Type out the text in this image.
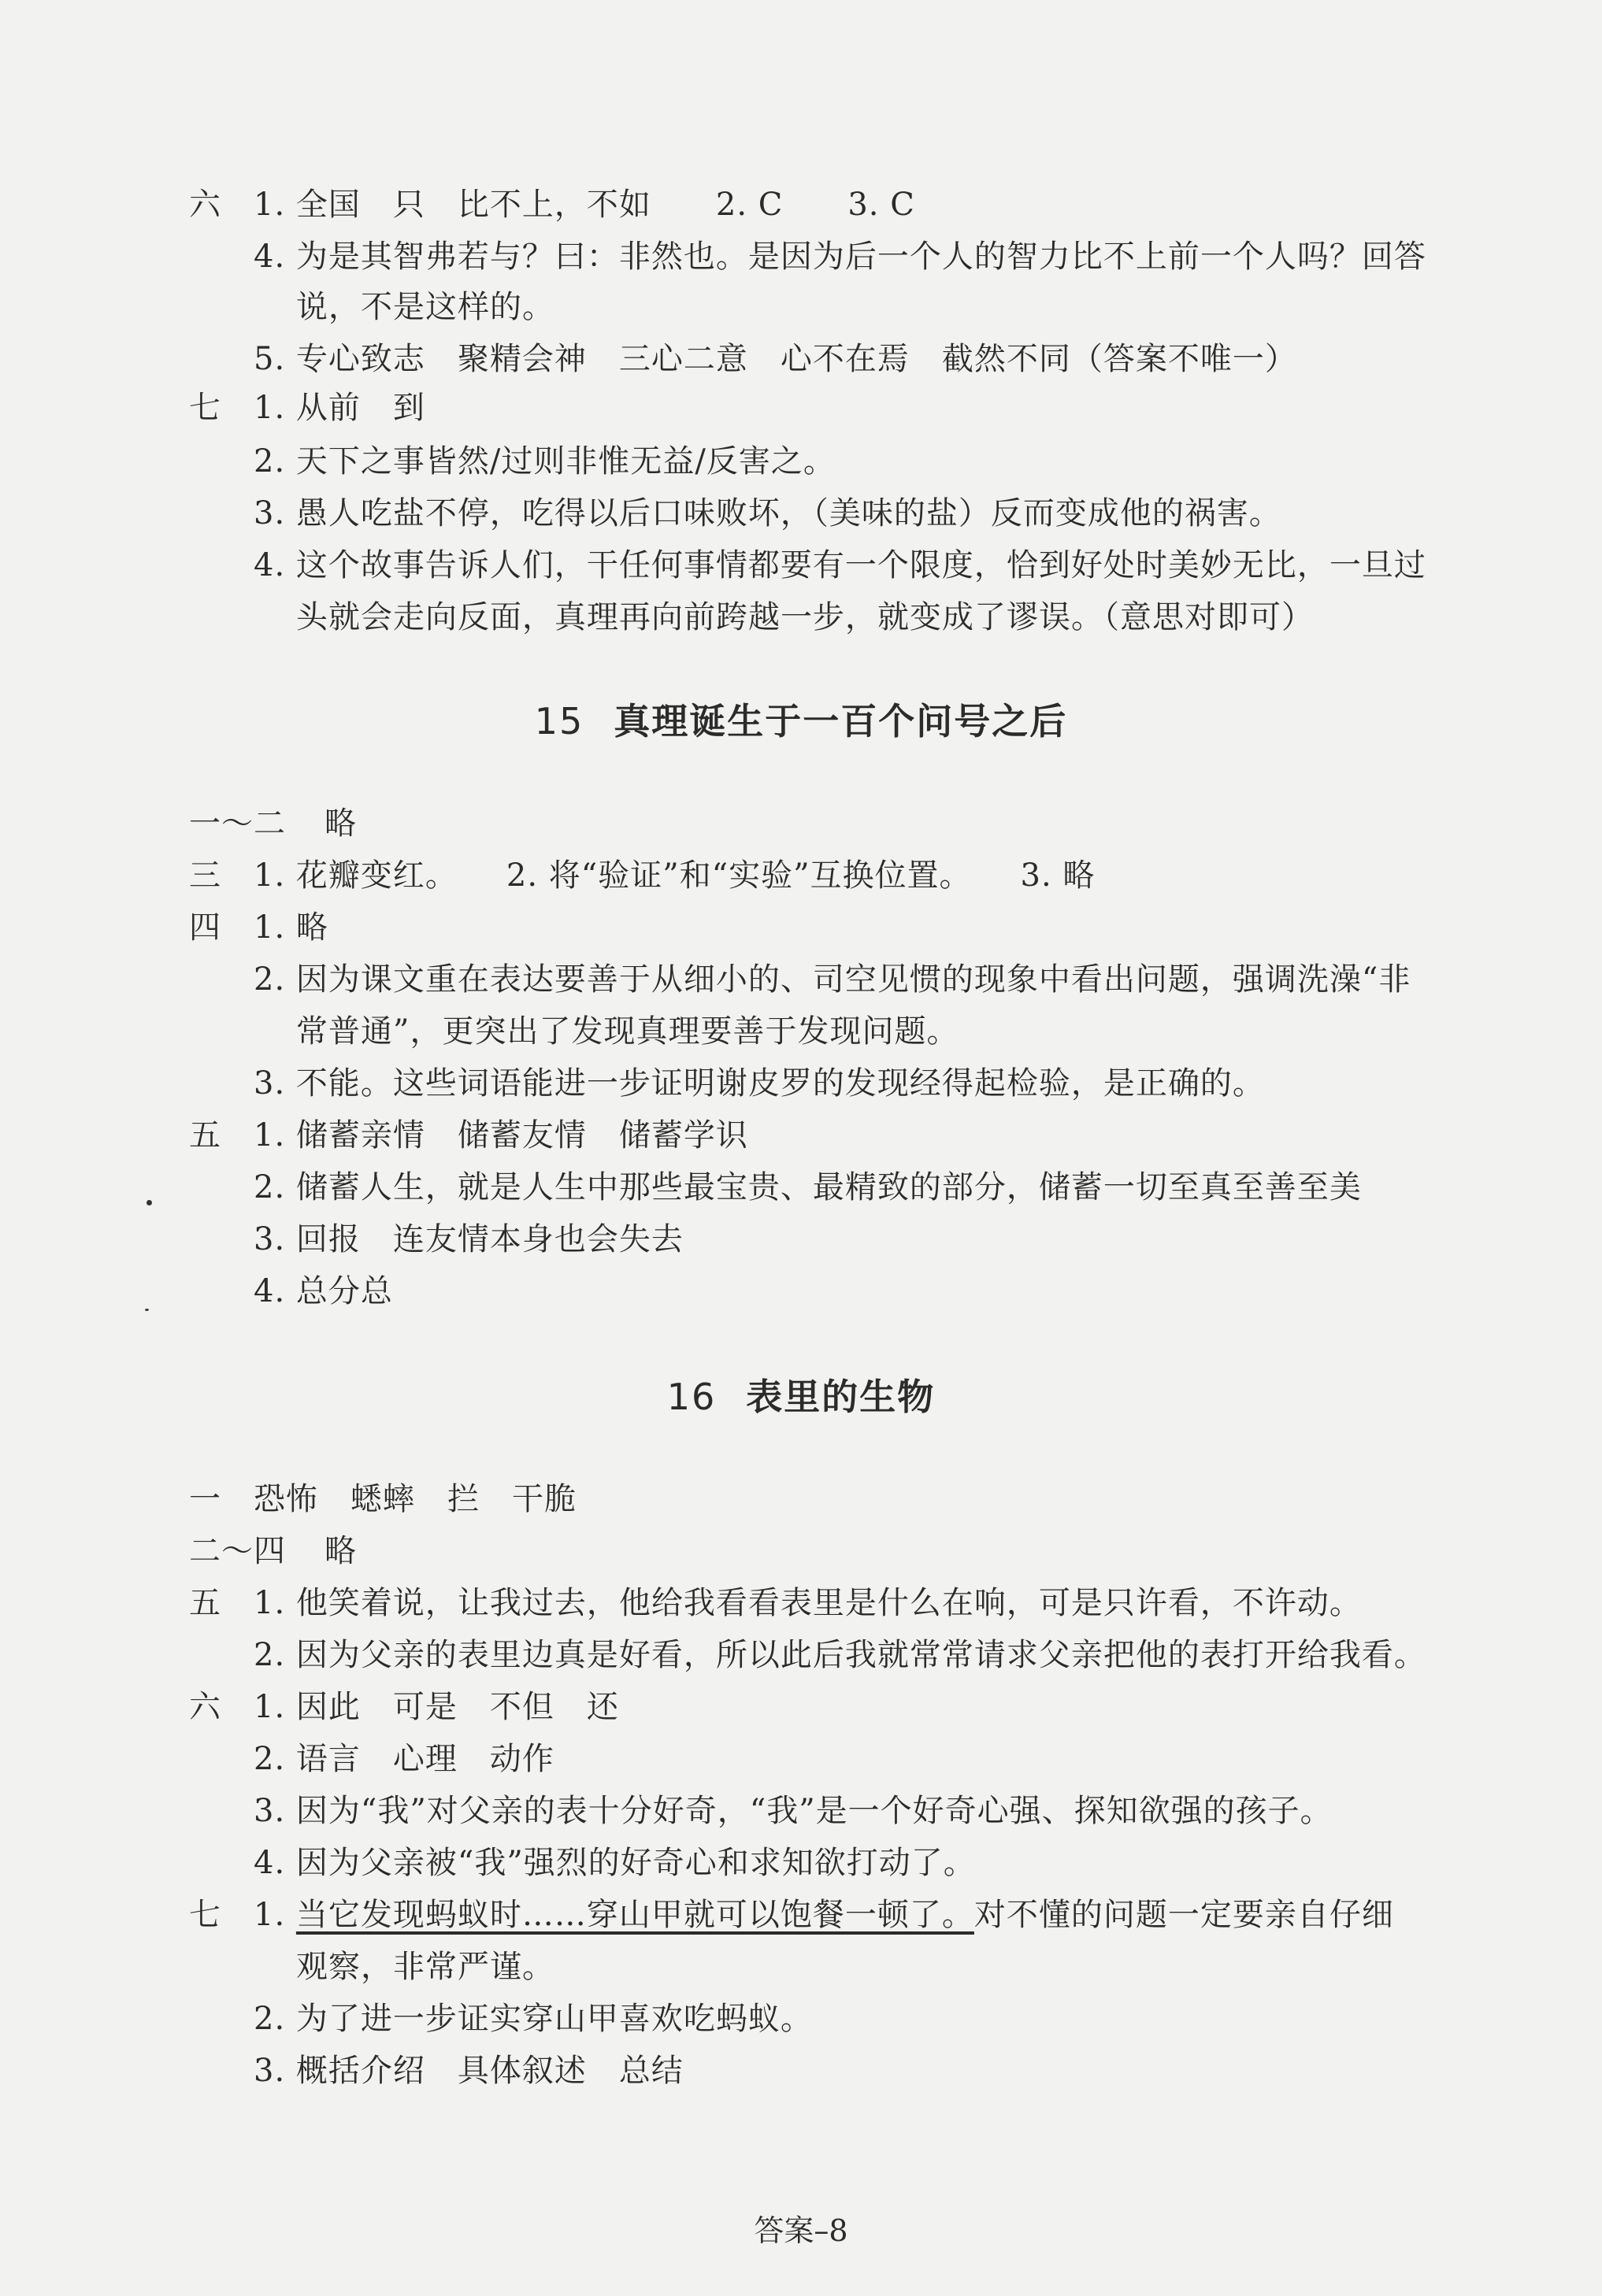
答案–8
六 1. 全国　只　比不上，不如　　2. C　　3. C
4. 为是其智弗若与？曰：非然也。是因为后一个人的智力比不上前一个人吗？回答
说，不是这样的。
5. 专心致志　聚精会神　三心二意　心不在焉　截然不同（答案不唯一）
七 1. 从前　到
2. 天下之事皆然/过则非惟无益/反害之。
3. 愚人吃盐不停，吃得以后口味败坏，（美味的盐）反而变成他的祸害。
4. 这个故事告诉人们，干任何事情都要有一个限度，恰到好处时美妙无比，一旦过
头就会走向反面，真理再向前跨越一步，就变成了谬误。（意思对即可）
15 真理诞生于一百个问号之后
一～二 略
三 1. 花瓣变红。　　2. 将“验证”和“实验”互换位置。　　3. 略
四 1. 略
2. 因为课文重在表达要善于从细小的、司空见惯的现象中看出问题，强调洗澡“非
常普通”，更突出了发现真理要善于发现问题。
3. 不能。这些词语能进一步证明谢皮罗的发现经得起检验，是正确的。
五 1. 储蓄亲情　储蓄友情　储蓄学识
2. 储蓄人生，就是人生中那些最宝贵、最精致的部分，储蓄一切至真至善至美
3. 回报　连友情本身也会失去
4. 总分总
16 表里的生物
一 恐怖　蟋蟀　拦　干脆
二～四 略
五 1. 他笑着说，让我过去，他给我看看表里是什么在响，可是只许看，不许动。
2. 因为父亲的表里边真是好看，所以此后我就常常请求父亲把他的表打开给我看。
六 1. 因此　可是　不但　还
2. 语言　心理　动作
3. 因为“我”对父亲的表十分好奇，“我”是一个好奇心强、探知欲强的孩子。
4. 因为父亲被“我”强烈的好奇心和求知欲打动了。
七 1. 当它发现蚂蚁时……穿山甲就可以饱餐一顿了。对不懂的问题一定要亲自仔细
观察，非常严谨。
2. 为了进一步证实穿山甲喜欢吃蚂蚁。
3. 概括介绍　具体叙述　总结
